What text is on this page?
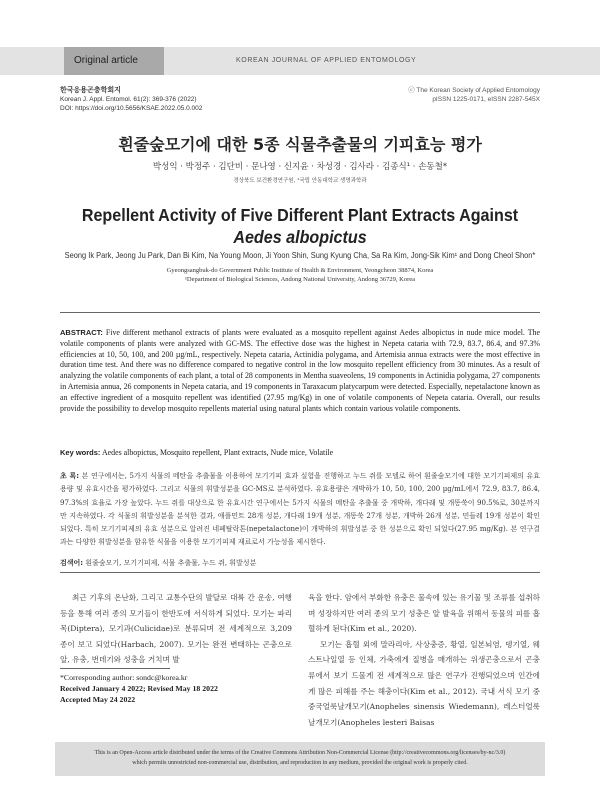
Original article	KOREAN JOURNAL OF APPLIED ENTOMOLOGY
한국응용곤충학회지
Korean J. Appl. Entomol. 61(2): 369-376 (2022)
DOI: https://doi.org/10.5656/KSAE.2022.05.0.002
ⓒ The Korean Society of Applied Entomology
pISSN 1225-0171, eISSN 2287-545X
흰줄숲모기에 대한 5종 식물추출물의 기피효능 평가
박성익 · 박정주 · 김단비 · 문나영 · 신지윤 · 차성경 · 김사라 · 김종식¹ · 손동철*
경상북도 보건환경연구원, ¹국립 안동대학교 생명과학과
Repellent Activity of Five Different Plant Extracts Against
Aedes albopictus
Seong Ik Park, Jeong Ju Park, Dan Bi Kim, Na Young Moon, Ji Yoon Shin, Sung Kyung Cha, Sa Ra Kim, Jong-Sik Kim¹ and Dong Cheol Shon*
Gyeongsangbuk-do Government Public Institute of Health & Environment, Yeongcheon 38874, Korea
¹Department of Biological Sciences, Andong National University, Andong 36729, Korea
ABSTRACT: Five different methanol extracts of plants were evaluated as a mosquito repellent against Aedes albopictus in nude mice model. The volatile components of plants were analyzed with GC-MS. The effective dose was the highest in Nepeta cataria with 72.9, 83.7, 86.4, and 97.3% efficiencies at 10, 50, 100, and 200 µg/mL, respectively. Nepeta cataria, Actinidia polygama, and Artemisia annua extracts were the most effective in duration time test. And there was no difference compared to negative control in the low mosquito repellent efficiency from 30 minutes. As a result of analyzing the volatile components of each plant, a total of 28 components in Mentha suaveolens, 19 components in Actinidia polygama, 27 components in Artemisia annua, 26 components in Nepeta cataria, and 19 components in Taraxacum platycarpum were detected. Especially, nepetalactone known as an effective ingredient of a mosquito repellent was identified (27.95 mg/Kg) in one of volatile components of Nepeta cataria. Overall, our results provide the possibility to develop mosquito repellents material using natural plants which contain various volatile components.
Key words: Aedes albopictus, Mosquito repellent, Plant extracts, Nude mice, Volatile
초 록: 본 연구에서는, 5가지 식물의 메탄올 추출물을 이용하여 모기기피 효과 실험을 진행하고 누드 쥐를 모델로 하여 흰줄숲모기에 대한 모기기피제의 유효용량 및 유효시간을 평가하였다. 그리고 식물의 휘발성분을 GC-MS로 분석하였다. 유효용량은 개박하가 10, 50, 100, 200 µg/mL에서 72.9, 83.7, 86.4, 97.3%의 효율로 가장 높았다. 누드 쥐를 대상으로 한 유효시간 연구에서는 5가지 식물의 메탄올 추출물 중 개박하, 개다래 및 개똥쑥이 90.5%로, 30분까지만 지속하였다. 각 식물의 휘발성분을 분석한 결과, 애플민트 28개 성분, 개다래 19개 성분, 개똥쑥 27개 성분, 개박하 26개 성분, 민들레 19개 성분이 확인 되었다. 특히 모기기피제의 유효 성분으로 알려진 네페탈락톤(nepetalactone)이 개박하의 휘발성분 중 한 성분으로 확인 되었다(27.95 mg/Kg). 본 연구결과는 다양한 휘발성분을 함유한 식물을 이용한 모기기피제 재료로서 가능성을 제시한다.
검색어: 흰줄숲모기, 모기기피제, 식물 추출물, 누드 쥐, 휘발성분
최근 기후의 온난화, 그리고 교통수단의 발달로 대륙 간 운송, 여행 등을 통해 여러 종의 모기들이 한반도에 서식하게 되었다. 모기는 파리목(Diptera), 모기과(Culicidae)로 분류되며 전 세계적으로 3,209 종이 보고 되었다(Harbach, 2007). 모기는 완전 변태하는 곤충으로 알, 유충, 번데기와 성충을 거치며 발

육을 한다. 암에서 부화한 유충은 물속에 있는 유기물 및 조류를 섭취하며 성장하지만 여러 종의 모기 성충은 알 발육을 위해서 동물의 피를 흡혈하게 된다(Kim et al., 2020).

모기는 흡혈 외에 말라리아, 사상충증, 황열, 일본뇌염, 뎅기열, 웨스트나일열 등 인체, 가축에게 질병을 매개하는 위생곤충으로서 곤충류에서 보기 드물게 전 세계적으로 많은 연구가 진행되었으며 인간에게 많은 피해를 주는 해충이다(Kim et al., 2012). 국내 서식 모기 중 중국얼룩날개모기(Anopheles sinensis Wiedemann), 레스터얼룩날개모기(Anopheles lesteri Baisas

*Corresponding author: sondc@korea.kr
Received January 4 2022; Revised May 18 2022
Accepted May 24 2022
This is an Open-Access article distributed under the terms of the Creative Commons Attribution Non-Commercial License (http://creativecommons.org/licenses/by-nc/3.0)
which permits unrestricted non-commercial use, distribution, and reproduction in any medium, provided the original work is properly cited.
